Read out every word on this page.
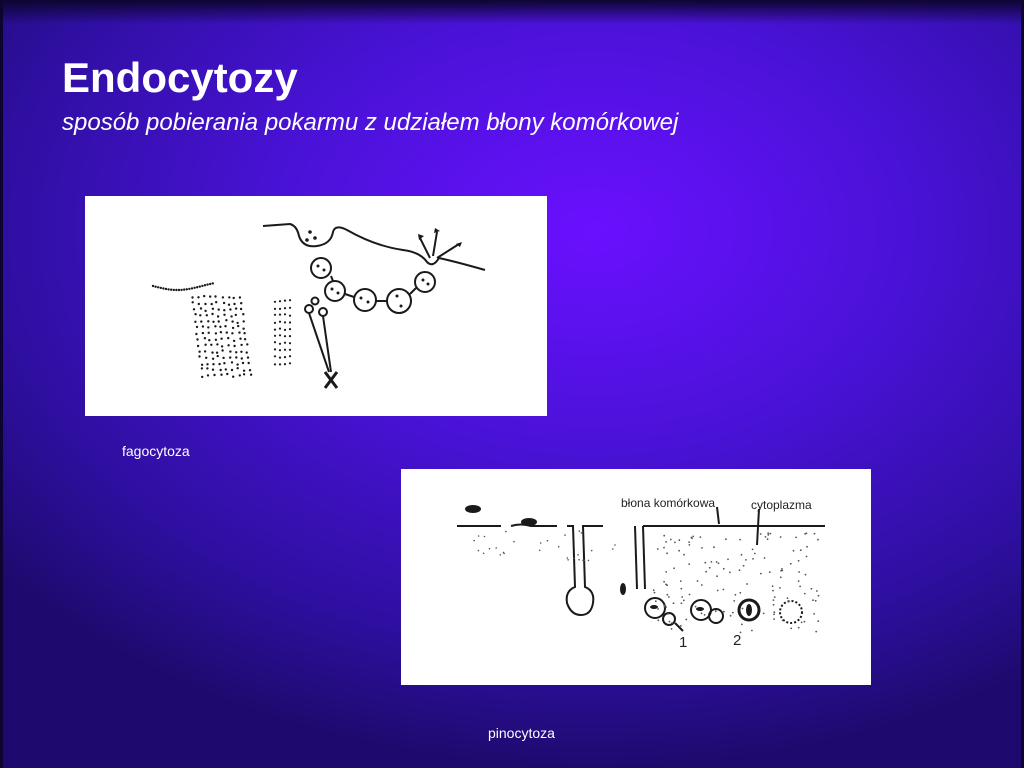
Endocytozy

sposób pobierania pokarmu z udziałem błony komórkowej

fagocytoza
błona komórkowa	cytoplazma
1	2
pinocytoza
